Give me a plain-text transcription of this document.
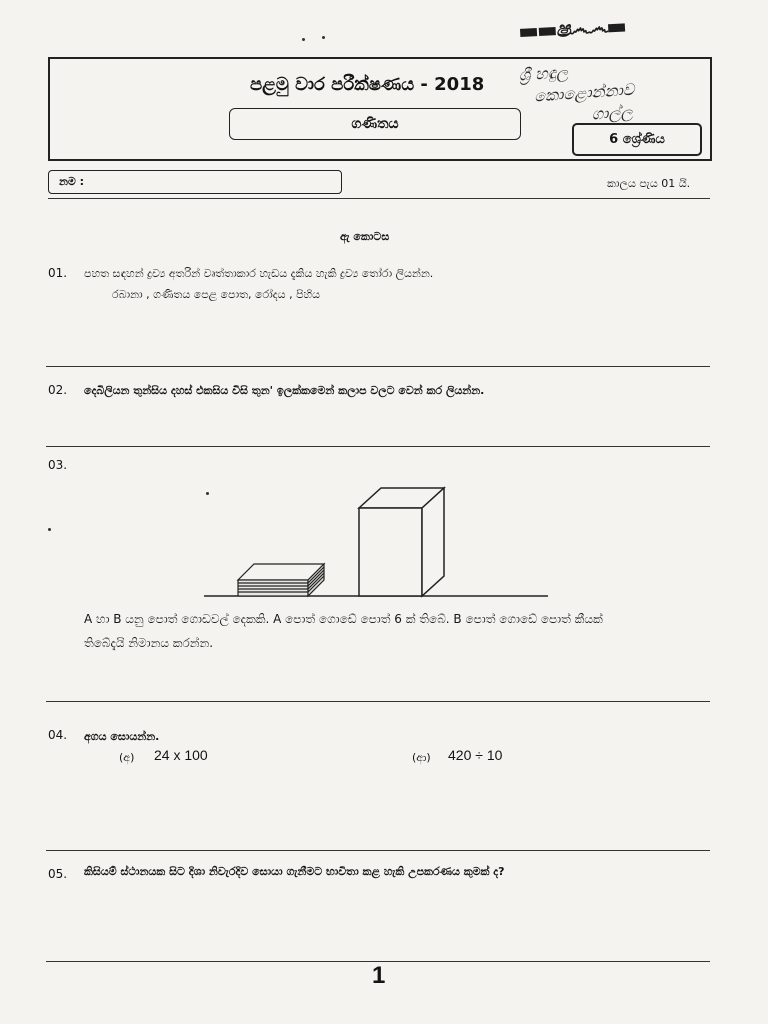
▬▬ෂ෴෴▬
පළමු වාර පරීක්ෂණය - 2018
ගණිතය
6 ශ්‍රේණිය
ශ්‍රී හඳුල
කොළොන්නාව
ගාල්ල
නම :	කාලය පැය 01 යි.
ඇ කොටස
01. පහත සඳහන් ද්‍රව්‍ය අතරින් වෘත්තාකාර හැඩය දැකිය හැකි ද්‍රව්‍ය තෝරා ලියන්න.
රබානා , ගණිතය පෙළ පොත, රෝදය , පිහිය
02. දෙබිලියන තුන්සිය දහස් එකසිය විසි තුන' ඉලක්කමෙන් කලාප වලට වෙන් කර ලියන්න.
03.
A හා B යනු පොත් ගොඩවල් දෙකකි. A පොත් ගොඩේ පොත් 6 ක් තිබේ. B පොත් ගොඩේ පොත් කීයක්
තිබේදැයි නිමානය කරන්න.
04. අගය සොයන්න.
(අ) 24 x 100	(ආ) 420 ÷ 10
05. කිසියම් ස්ථානයක සිට දිශා නිවැරදිව සොයා ගැනීමට භාවිතා කළ හැකි උපකරණය කුමක් ද?
1
